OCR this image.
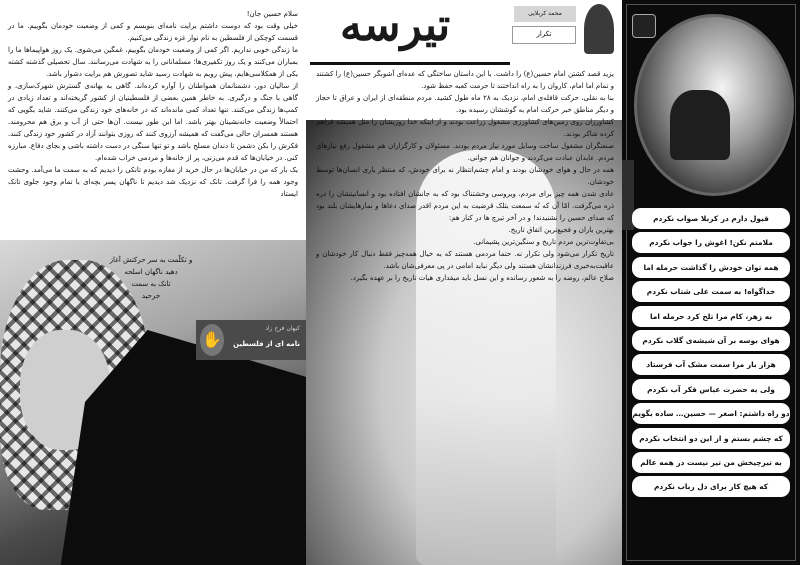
سلام حسین جان!

خیلی وقت بود که دوست داشتم برایت نامه‌ای بنویسم و کمی از وضعیت خودمان بگوییم. ما در قسمت کوچکی از فلسطین به نام نوار غزه زندگی می‌کنیم.

ما زندگی خوبی نداریم. اگر کمی از وضعیت خودمان بگوییم، غمگین می‌شوی. یک روز هواپیماها ما را بمباران می‌کنند و یک روز تکفیری‌ها؛ مسلمانانی را به شهادت می‌رسانند. سال تحصیلی گذشته کشته یکی از همکلاسی‌هایم، پیش رویم به شهادت رسید شاید تصورش هم برایت دشوار باشد.

از سالیان دور، دشمنانمان همواطنان را آواره کرده‌اند. گاهی به بهانه‌ی گسترش شهرک‌سازی، و گاهی با جنگ و درگیری. به خاطر همین بعضی از فلسطینیان از کشور گریخته‌اند و تعداد زیادی در کمپ‌ها زندگی می‌کنند. تنها تعداد کمی مانده‌اند که در خانه‌های خود زندگی می‌کنند. شاید بگویی که احتمالاً وضعیت خانه‌نشینان بهتر باشد. اما این طور نیست. آن‌ها حتی از آب و برق هم محرومند. هستند همسران حالی می‌گفت که همیشه آرزوی کنند که روزی بتوانند آزاد در کشور خود زندگی کنند. فکرش را بکن دشمن تا دندان مسلح باشد و تو تنها سنگی در دست داشته باشی و بجای دفاع. مبارزه کنی. در خیابان‌ها که قدم می‌زنی، پر از خانه‌ها و مردمی خراب شده‌ام.

یک بار که من در خیابان‌ها در حال خرید از مغازه بودم تانکی را دیدیم که به سمت ما می‌آمد. وحشت وجود همه را فرا گرفت. تانک که نزدیک شد دیدیم تا ناگهان پسر بچه‌ای با تمام وجود جلوی تانک ایستاد

و تکلّمت به سر حرکتش آغاز

دهید ناگهان اسلحه

تانک به سمت

جرحید

✋
کیهان فرخ زاد
نامه ای از فلسطین
تیرسه	محمد کربلایی
تکرار

یزید قصد کشتن امام حسین(ع) را داشت. با این داستان ساختگی که عده‌ای آشوبگر حسین(ع) را کشتند و تمام اما امام، کاروان را به راه انداختند تا حرمت کعبه حفظ شود.

بنا به نقلی، حرکت قافله‌ی امام، نزدیک به ۲۸ ماه طول کشید. مردم منطقه‌ای از ایران و عراق تا حجاز و دیگر مناطق خبر حرکت امام به گوششان رسیده بود.

کشاورزان روی زمین‌های کشاورزی مشغول زراعت بودند و از اینکه خدا روزیشان را مثل همیشه فراهم کرده شاکر بودند.

صنعتگران مشغول ساخت وسایل مورد نیاز مردم بودند. مسئولان و کارگزاران هم مشغول رفع نیازهای مردم. عابدان عبادت می‌کردند و جوانان هم جوانی.

همه در حال و هوای خودشان بودند و امام چشم‌انتظار نه برای خودش، که منتظر یاری انسان‌ها توسط خودشان.

عادی شدن همه چیز برای مردم، ویروسی وحشتناک بود که به جانشان افتاده بود و انسانیتشان را ذره ذره می‌گرفت. امّا آن که نُه سمعت بتلک قرضیت به این مردم اقدر صدای دعاها و نمازهایشان بلند بود که صدای حسین را نشنیدند! و در آخر تیرچ ها در کنار هم:

بهترین یاران و فجیع‌ترین اتفاق تاریخ.

بی‌تفاوت‌ترین مردم تاریخ و سنگین‌ترین پشیمانی.

تاریخ تکرار می‌شود ولی تکرار نه. حتما مردمی هستند که به خیال همه‌چیز فقط دنبال کار خودشان و عاقبت‌به‌خیری فرزندانشان هستند ولی دیگر نباید امامی در پی معرفی‌شان باشد.

صلاح عالم، روضه را به شعور رسانده و این نسل باید میقداری هیات تاریخ را بر عهده بگیرد.

قبول دارم در کربلا صواب نکردم
ملامتم نکن! اغوش را جواب نکردم
همه توان خودش را گذاشت حرمله اما
خداگواه! به سمت علی شتاب نکردم
به زهر، کام مرا تلخ کرد حرمله اما
هوای بوسه بر آن شیشه‌ی گلاب نکردم
هزار بار مرا سمت مشک آب فرستاد
ولی به حضرت عباس فکر آب نکردم
دو راه داشتم: اصغر — حسین… ساده بگویم
که چشم بستم و از این دو انتخاب نکردم
به تیرچیخش من تیر نیست در همه عالم
که هیچ کار برای دل رباب نکردم
